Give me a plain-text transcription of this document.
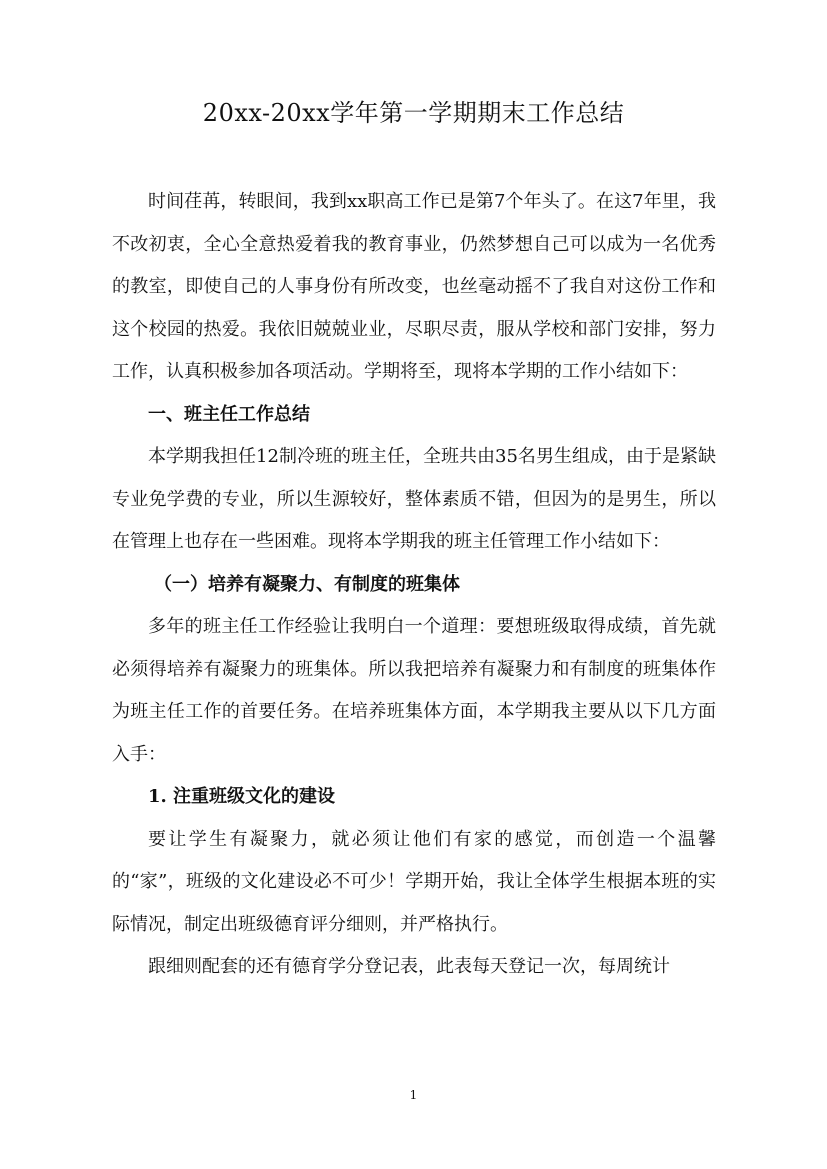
20xx-20xx学年第一学期期末工作总结

时间荏苒，转眼间，我到xx职高工作已是第7个年头了。在这7年里，我不改初衷，全心全意热爱着我的教育事业，仍然梦想自己可以成为一名优秀的教室，即使自己的人事身份有所改变，也丝毫动摇不了我自对这份工作和这个校园的热爱。我依旧兢兢业业，尽职尽责，服从学校和部门安排，努力工作，认真积极参加各项活动。学期将至，现将本学期的工作小结如下：

一、班主任工作总结

本学期我担任12制冷班的班主任，全班共由35名男生组成，由于是紧缺专业免学费的专业，所以生源较好，整体素质不错，但因为的是男生，所以在管理上也存在一些困难。现将本学期我的班主任管理工作小结如下：

（一）培养有凝聚力、有制度的班集体

多年的班主任工作经验让我明白一个道理：要想班级取得成绩，首先就必须得培养有凝聚力的班集体。所以我把培养有凝聚力和有制度的班集体作为班主任工作的首要任务。在培养班集体方面，本学期我主要从以下几方面入手：

1. 注重班级文化的建设

要让学生有凝聚力，就必须让他们有家的感觉，而创造一个温馨的“家”，班级的文化建设必不可少！学期开始，我让全体学生根据本班的实际情况，制定出班级德育评分细则，并严格执行。

跟细则配套的还有德育学分登记表，此表每天登记一次，每周统计

1
